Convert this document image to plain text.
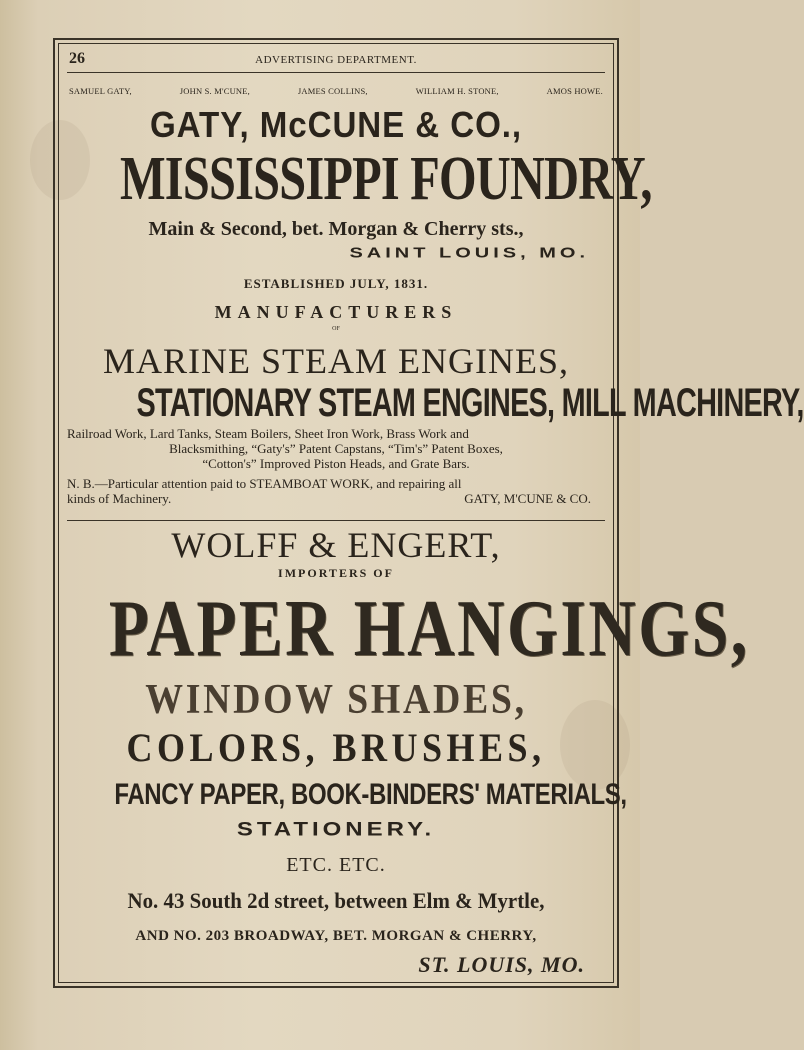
26	ADVERTISING DEPARTMENT.
SAMUEL GATY,	JOHN S. M'CUNE,	JAMES COLLINS,	WILLIAM H. STONE,	AMOS HOWE.
GATY, McCUNE & CO.,
MISSISSIPPI FOUNDRY,
Main & Second, bet. Morgan & Cherry sts.,
SAINT LOUIS, MO.
ESTABLISHED JULY, 1831.
MANUFACTURERS
OF
MARINE STEAM ENGINES,
STATIONARY STEAM ENGINES, MILL MACHINERY,
Railroad Work, Lard Tanks, Steam Boilers, Sheet Iron Work, Brass Work and
Blacksmithing, “Gaty's” Patent Capstans, “Tim's” Patent Boxes,
“Cotton's” Improved Piston Heads, and Grate Bars.
N. B.—Particular attention paid to STEAMBOAT WORK, and repairing all
kinds of Machinery.	GATY, M'CUNE & CO.
WOLFF & ENGERT,
IMPORTERS OF
PAPER HANGINGS,
WINDOW SHADES,
COLORS, BRUSHES,
FANCY PAPER, BOOK-BINDERS' MATERIALS,
STATIONERY.
ETC. ETC.
No. 43 South 2d street, between Elm & Myrtle,
AND NO. 203 BROADWAY, BET. MORGAN & CHERRY,
ST. LOUIS, MO.
